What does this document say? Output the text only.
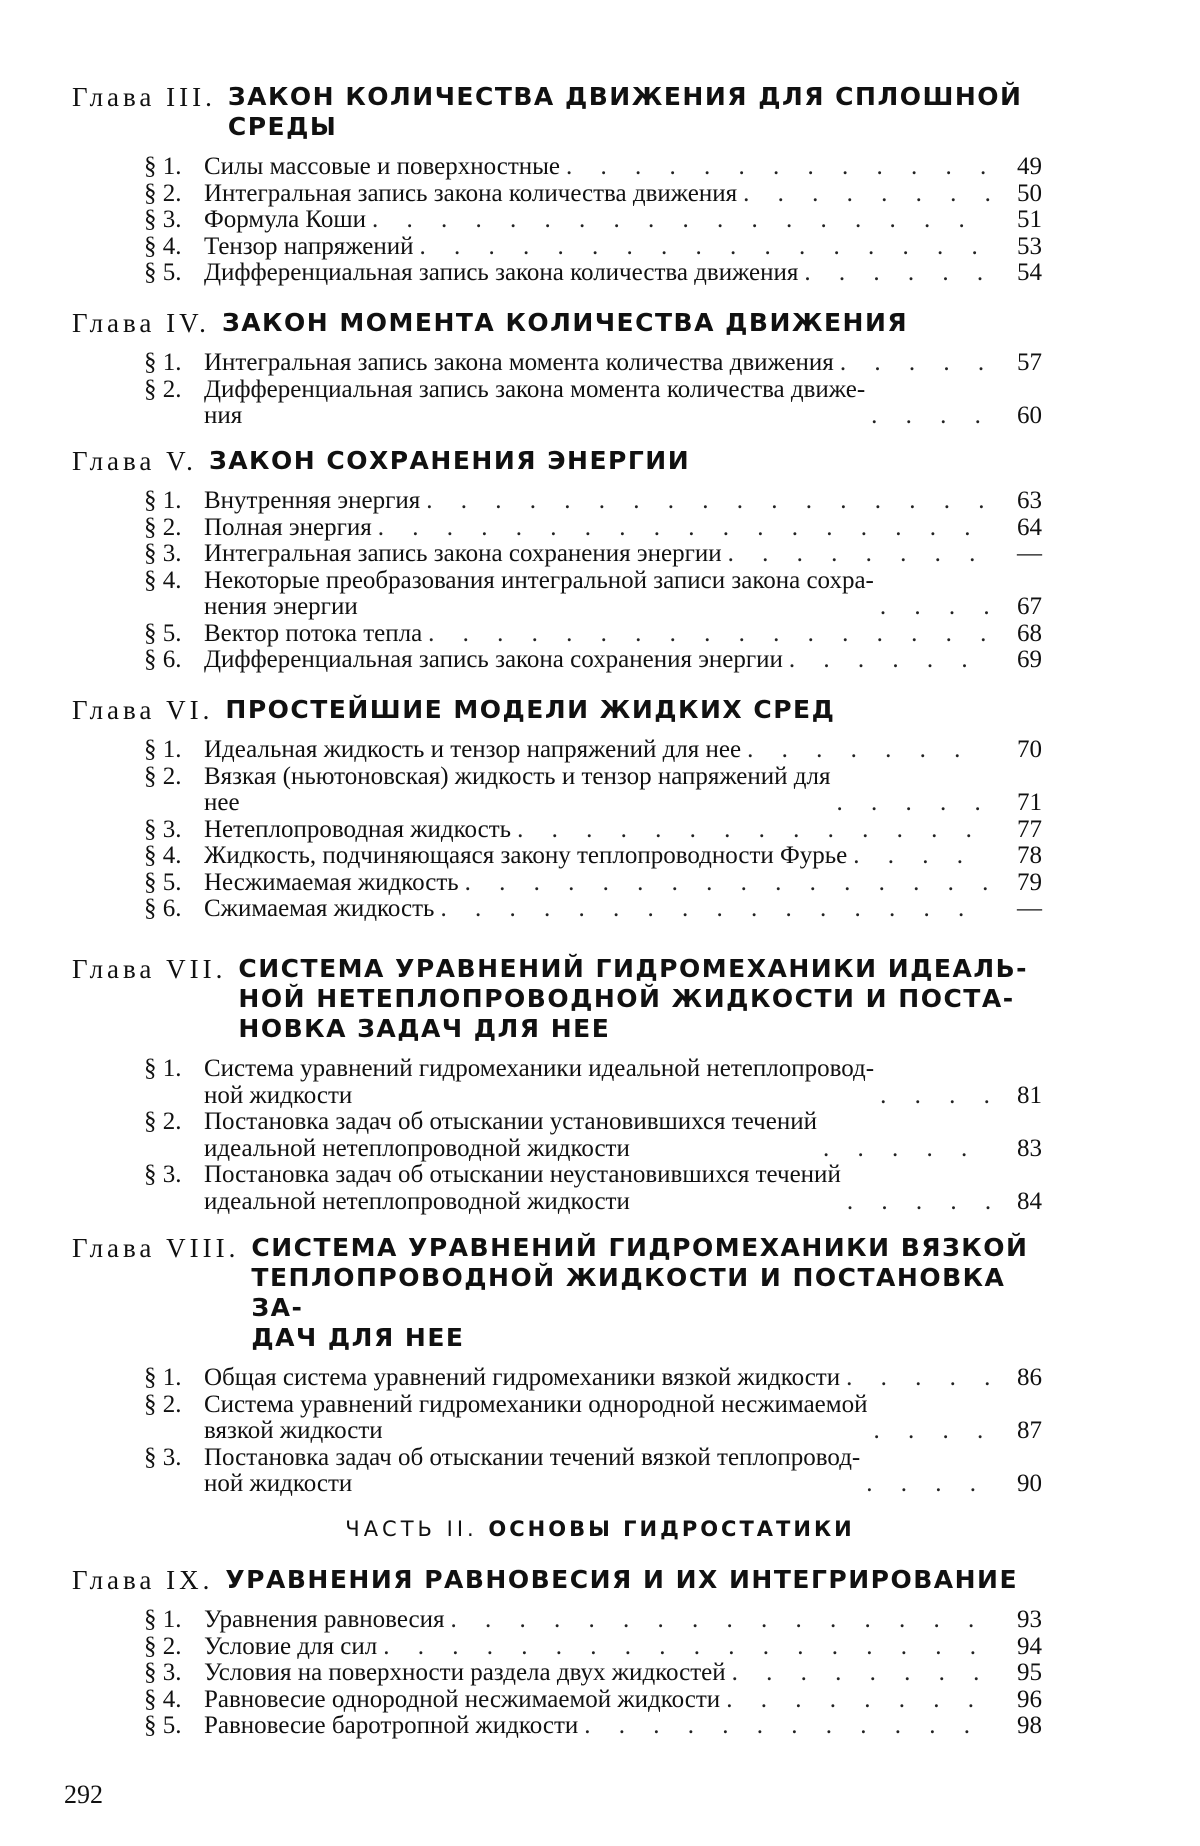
Глава III. ЗАКОН КОЛИЧЕСТВА ДВИЖЕНИЯ ДЛЯ СПЛОШНОЙ
СРЕДЫ
§ 1. Силы массовые и поверхностные . . .	49
§ 2. Интегральная запись закона количества движения . . .	50
§ 3. Формула Коши . . .	51
§ 4. Тензор напряжений . . .	53
§ 5. Дифференциальная запись закона количества движения . . .	54
Глава IV. ЗАКОН МОМЕНТА КОЛИЧЕСТВА ДВИЖЕНИЯ
§ 1. Интегральная запись закона момента количества движения . . .	57
§ 2. Дифференциальная запись закона момента количества движе-
ния . . .	60
Глава V. ЗАКОН СОХРАНЕНИЯ ЭНЕРГИИ
§ 1. Внутренняя энергия . . .	63
§ 2. Полная энергия . . .	64
§ 3. Интегральная запись закона сохранения энергии . . .	—
§ 4. Некоторые преобразования интегральной записи закона сохра-
нения энергии . . .	67
§ 5. Вектор потока тепла . . .	68
§ 6. Дифференциальная запись закона сохранения энергии . . .	69
Глава VI. ПРОСТЕЙШИЕ МОДЕЛИ ЖИДКИХ СРЕД
§ 1. Идеальная жидкость и тензор напряжений для нее . . .	70
§ 2. Вязкая (ньютоновская) жидкость и тензор напряжений для
нее . . .	71
§ 3. Нетеплопроводная жидкость . . .	77
§ 4. Жидкость, подчиняющаяся закону теплопроводности Фурье . . .	78
§ 5. Несжимаемая жидкость . . .	79
§ 6. Сжимаемая жидкость . . .	—
Глава VII. СИСТЕМА УРАВНЕНИЙ ГИДРОМЕХАНИКИ ИДЕАЛЬ-
НОЙ НЕТЕПЛОПРОВОДНОЙ ЖИДКОСТИ И ПОСТА-
НОВКА ЗАДАЧ ДЛЯ НЕЕ
§ 1. Система уравнений гидромеханики идеальной нетеплопровод-
ной жидкости . . .	81
§ 2. Постановка задач об отыскании установившихся течений
идеальной нетеплопроводной жидкости . . .	83
§ 3. Постановка задач об отыскании неустановившихся течений
идеальной нетеплопроводной жидкости . . .	84
Глава VIII. СИСТЕМА УРАВНЕНИЙ ГИДРОМЕХАНИКИ ВЯЗКОЙ
ТЕПЛОПРОВОДНОЙ ЖИДКОСТИ И ПОСТАНОВКА ЗА-
ДАЧ ДЛЯ НЕЕ
§ 1. Общая система уравнений гидромеханики вязкой жидкости . . .	86
§ 2. Система уравнений гидромеханики однородной несжимаемой
вязкой жидкости . . .	87
§ 3. Постановка задач об отыскании течений вязкой теплопровод-
ной жидкости . . .	90
ЧАСТЬ II. ОСНОВЫ ГИДРОСТАТИКИ
Глава IX. УРАВНЕНИЯ РАВНОВЕСИЯ И ИХ ИНТЕГРИРОВАНИЕ
§ 1. Уравнения равновесия . . .	93
§ 2. Условие для сил . . .	94
§ 3. Условия на поверхности раздела двух жидкостей . . .	95
§ 4. Равновесие однородной несжимаемой жидкости . . .	96
§ 5. Равновесие баротропной жидкости . . .	98
292
